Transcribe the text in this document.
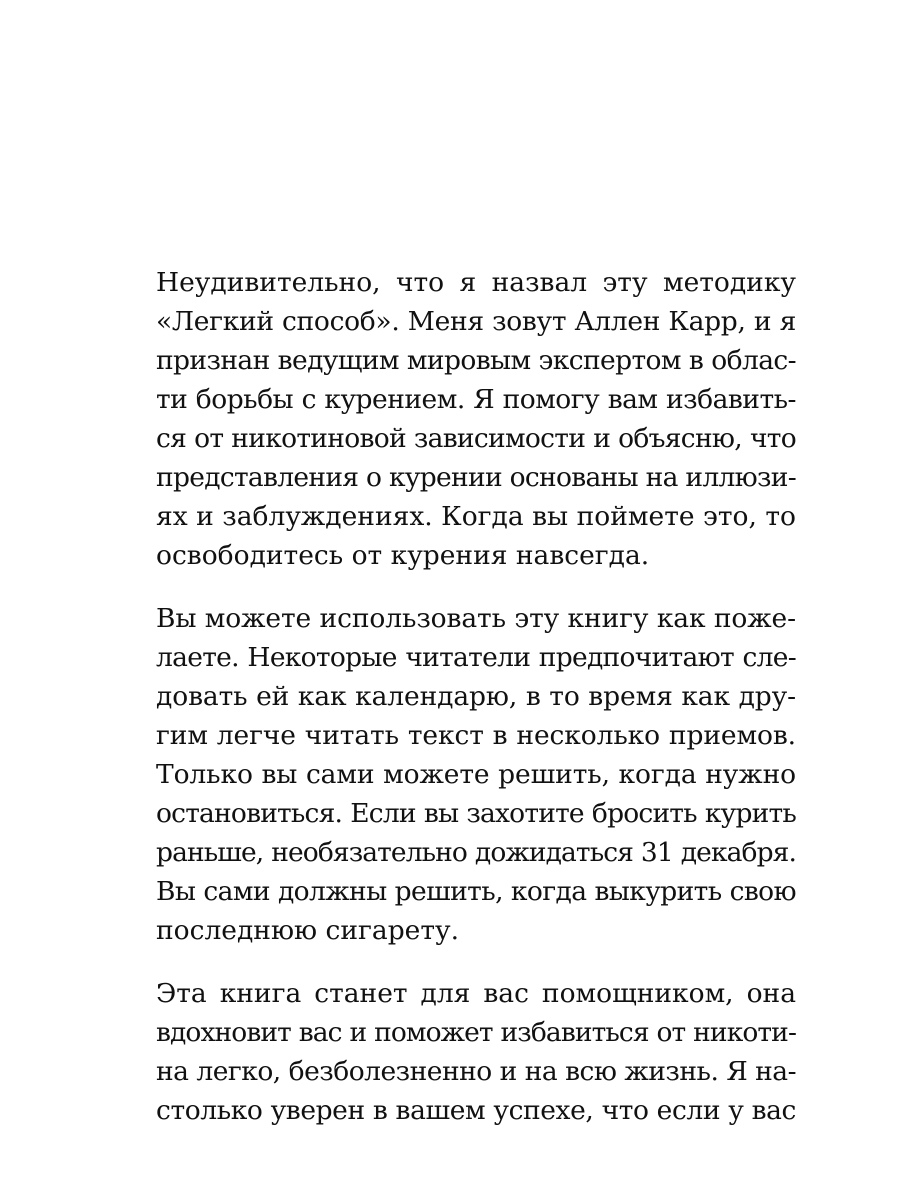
Неудивительно, что я назвал эту методику
«Легкий способ». Меня зовут Аллен Карр, и я
признан ведущим мировым экспертом в облас-
ти борьбы с курением. Я помогу вам избавить-
ся от никотиновой зависимости и объясню, что
представления о курении основаны на иллюзи-
ях и заблуждениях. Когда вы поймете это, то
освободитесь от курения навсегда.

Вы можете использовать эту книгу как поже-
лаете. Некоторые читатели предпочитают сле-
довать ей как календарю, в то время как дру-
гим легче читать текст в несколько приемов.
Только вы сами можете решить, когда нужно
остановиться. Если вы захотите бросить курить
раньше, необязательно дожидаться 31 декабря.
Вы сами должны решить, когда выкурить свою
последнюю сигарету.

Эта книга станет для вас помощником, она
вдохновит вас и поможет избавиться от никоти-
на легко, безболезненно и на всю жизнь. Я на-
столько уверен в вашем успехе, что если у вас
